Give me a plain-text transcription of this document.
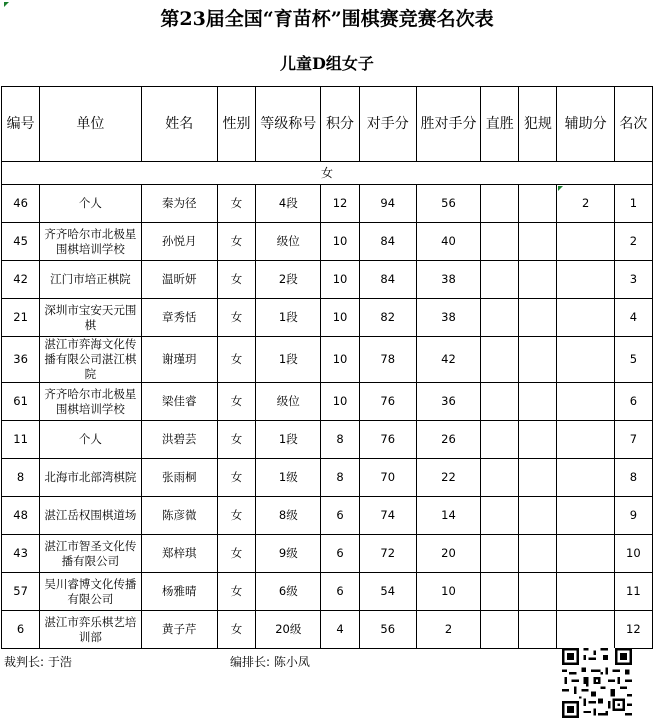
第23届全国“育苗杯”围棋赛竞赛名次表
儿童D组女子
编号	单位	姓名	性别	等级称号	积分	对手分	胜对手分	直胜	犯规	辅助分	名次
女											
46	个人	秦为径	女	4段	12	94	56			2	1
45	齐齐哈尔市北极星围棋培训学校	孙悦月	女	级位	10	84	40				2
42	江门市培正棋院	温昕妍	女	2段	10	84	38				3
21	深圳市宝安天元围棋	章秀恬	女	1段	10	82	38				4
36	湛江市弈海文化传播有限公司湛江棋院	谢瑾玥	女	1段	10	78	42				5
61	齐齐哈尔市北极星围棋培训学校	梁佳睿	女	级位	10	76	36				6
11	个人	洪碧芸	女	1段	8	76	26				7
8	北海市北部湾棋院	张雨桐	女	1级	8	70	22				8
48	湛江岳权围棋道场	陈彦微	女	8级	6	74	14				9
43	湛江市智圣文化传播有限公司	郑梓琪	女	9级	6	72	20				10
57	吴川睿博文化传播有限公司	杨雅晴	女	6级	6	54	10				11
6	湛江市弈乐棋艺培训部	黄子芹	女	20级	4	56	2				12
裁判长: 于浩	编排长: 陈小凤
